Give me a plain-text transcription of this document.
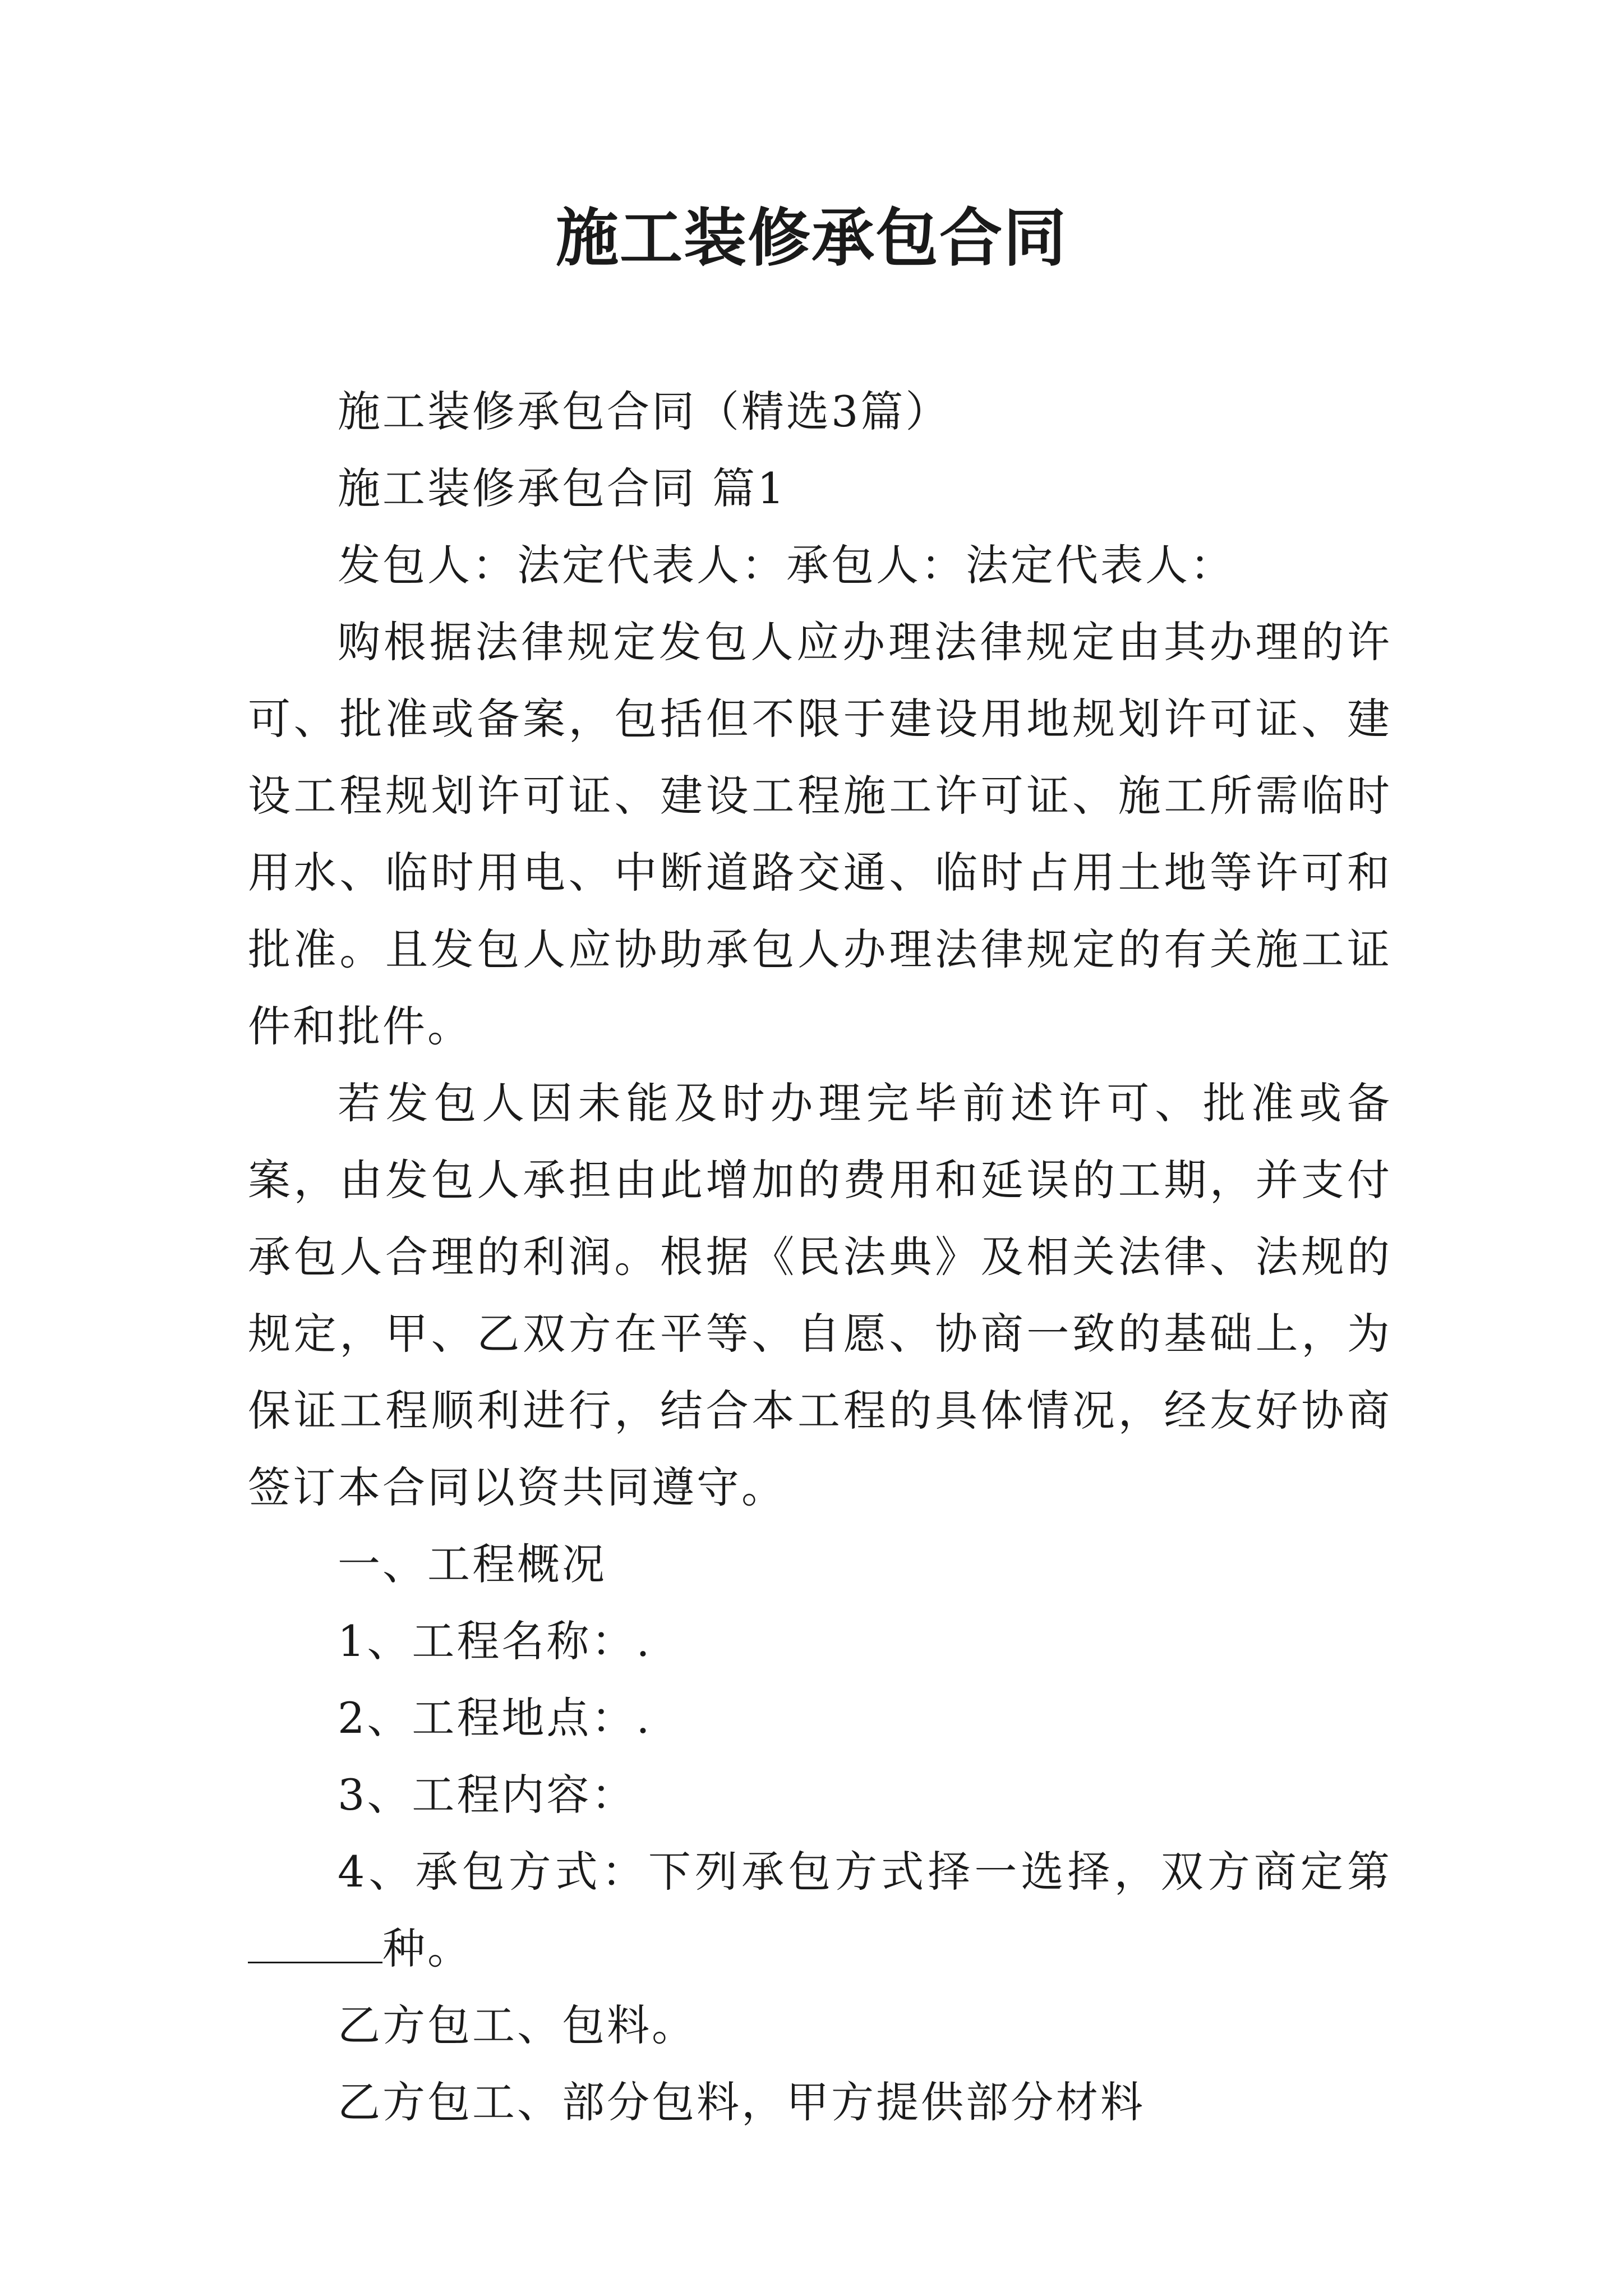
施工装修承包合同

施工装修承包合同（精选3篇）

施工装修承包合同 篇1

发包人：法定代表人：承包人：法定代表人：

购根据法律规定发包人应办理法律规定由其办理的许可、批准或备案，包括但不限于建设用地规划许可证、建设工程规划许可证、建设工程施工许可证、施工所需临时用水、临时用电、中断道路交通、临时占用土地等许可和批准。且发包人应协助承包人办理法律规定的有关施工证件和批件。

若发包人因未能及时办理完毕前述许可、批准或备案，由发包人承担由此增加的费用和延误的工期，并支付承包人合理的利润。根据《民法典》及相关法律、法规的规定，甲、乙双方在平等、自愿、协商一致的基础上，为保证工程顺利进行，结合本工程的具体情况，经友好协商签订本合同以资共同遵守。

一、工程概况

1、工程名称：.

2、工程地点：.

3、工程内容：

4、承包方式：下列承包方式择一选择，双方商定第种。

乙方包工、包料。

乙方包工、部分包料，甲方提供部分材料
